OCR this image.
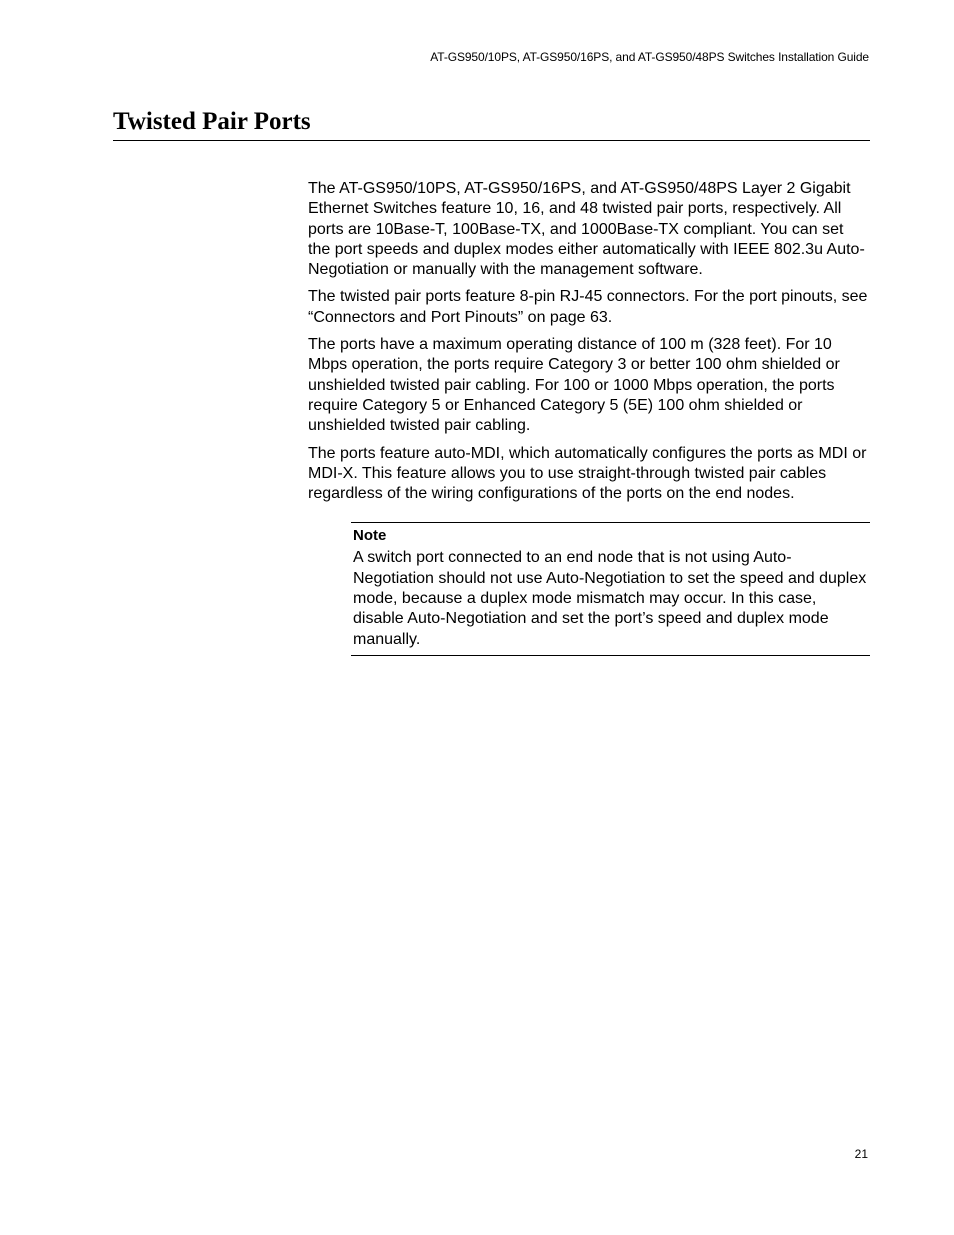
AT-GS950/10PS, AT-GS950/16PS, and AT-GS950/48PS Switches Installation Guide
Twisted Pair Ports

The AT-GS950/10PS, AT-GS950/16PS, and AT-GS950/48PS Layer 2 Gigabit Ethernet Switches feature 10, 16, and 48 twisted pair ports, respectively. All ports are 10Base-T, 100Base-TX, and 1000Base-TX compliant. You can set the port speeds and duplex modes either automatically with IEEE 802.3u Auto-Negotiation or manually with the management software.

The twisted pair ports feature 8-pin RJ-45 connectors. For the port pinouts, see “Connectors and Port Pinouts” on page 63.

The ports have a maximum operating distance of 100 m (328 feet). For 10 Mbps operation, the ports require Category 3 or better 100 ohm shielded or unshielded twisted pair cabling. For 100 or 1000 Mbps operation, the ports require Category 5 or Enhanced Category 5 (5E) 100 ohm shielded or unshielded twisted pair cabling.

The ports feature auto-MDI, which automatically configures the ports as MDI or MDI-X. This feature allows you to use straight-through twisted pair cables regardless of the wiring configurations of the ports on the end nodes.

Note
A switch port connected to an end node that is not using Auto-Negotiation should not use Auto-Negotiation to set the speed and duplex mode, because a duplex mode mismatch may occur. In this case, disable Auto-Negotiation and set the port’s speed and duplex mode manually.
21
